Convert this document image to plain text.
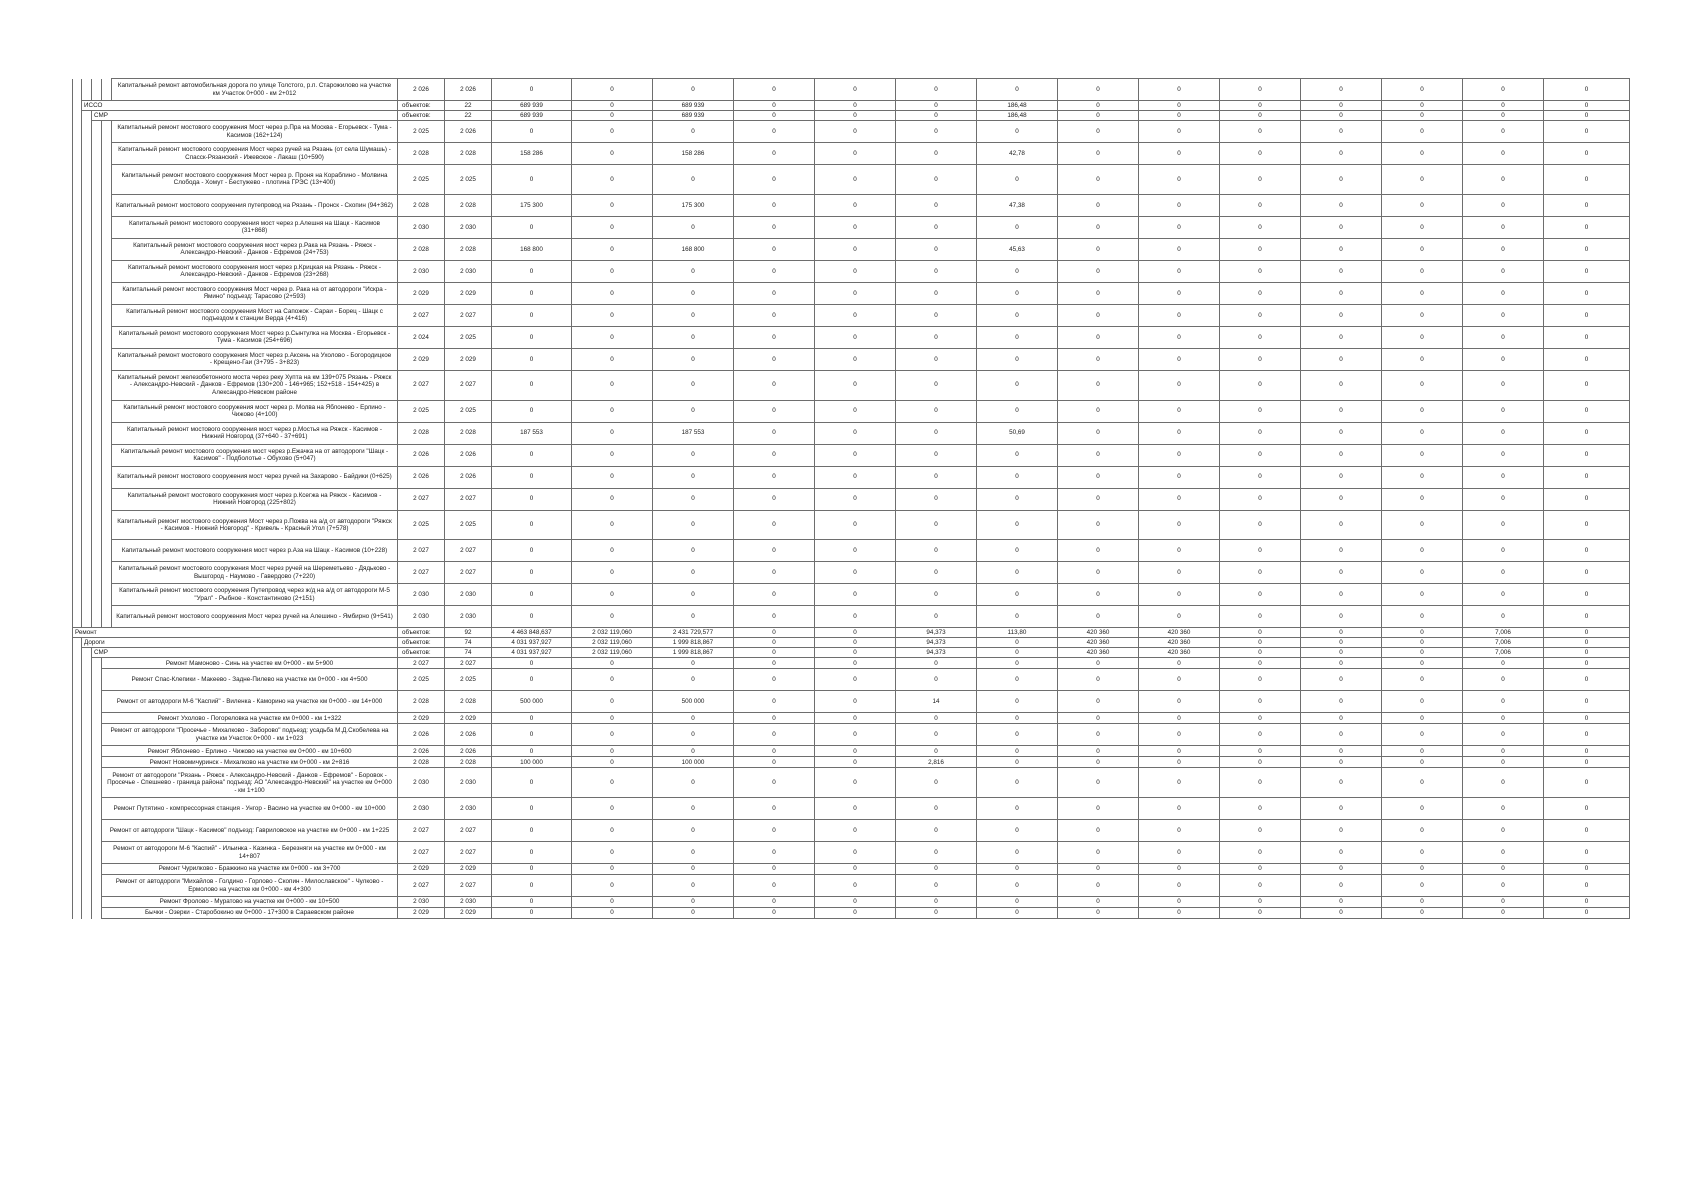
				Капитальный ремонт автомобильная дорога по улице Толстого, р.п. Старожилово на участке км Участок 0+000 - км 2+012	2 026	2 026	0	0	0	0	0	0	0	0	0	0	0	0	0	0
	ИССО				объектов:	22	689 939	0	689 939	0	0	0	186,48	0	0	0	0	0	0	0
		СМР			объектов:	22	689 939	0	689 939	0	0	0	186,48	0	0	0	0	0	0	0
				Капитальный ремонт мостового сооружения Мост через р.Пра на Москва - Егорьевск - Тума - Касимов (162+124)	2 025	2 026	0	0	0	0	0	0	0	0	0	0	0	0	0	0
				Капитальный ремонт мостового сооружения Мост через ручей на Рязань (от села Шумашь) - Спасск-Рязанский - Ижевское - Лакаш (10+590)	2 028	2 028	158 286	0	158 286	0	0	0	42,78	0	0	0	0	0	0	0
				Капитальный ремонт мостового сооружения Мост через р. Проня на Кораблино - Молвина Слобода - Хомут - Бестужево - плотина ГРЭС (13+400)	2 025	2 025	0	0	0	0	0	0	0	0	0	0	0	0	0	0
				Капитальный ремонт мостового сооружения путепровод на Рязань - Пронск - Скопин (94+362)	2 028	2 028	175 300	0	175 300	0	0	0	47,38	0	0	0	0	0	0	0
				Капитальный ремонт мостового сооружения мост через р.Алешня на Шацк - Касимов (31+868)	2 030	2 030	0	0	0	0	0	0	0	0	0	0	0	0	0	0
				Капитальный ремонт мостового сооружения мост через р.Рака на Рязань - Ряжск - Александро-Невский - Данков - Ефремов (24+753)	2 028	2 028	168 800	0	168 800	0	0	0	45,63	0	0	0	0	0	0	0
				Капитальный ремонт мостового сооружения мост через р.Крицкая на Рязань - Ряжск - Александро-Невский - Данков - Ефремов (23+268)	2 030	2 030	0	0	0	0	0	0	0	0	0	0	0	0	0	0
				Капитальный ремонт мостового сооружения Мост через р. Рака на от автодороги "Искра - Ямино" подъезд: Тарасово (2+593)	2 029	2 029	0	0	0	0	0	0	0	0	0	0	0	0	0	0
				Капитальный ремонт мостового сооружения Мост на Сапожок - Сараи - Борец - Шацк с подъездом к станции Верда (4+416)	2 027	2 027	0	0	0	0	0	0	0	0	0	0	0	0	0	0
				Капитальный ремонт мостового сооружения Мост через р.Сынтулка на Москва - Егорьевск - Тума - Касимов (254+696)	2 024	2 025	0	0	0	0	0	0	0	0	0	0	0	0	0	0
				Капитальный ремонт мостового сооружения Мост через р.Аксень на Ухолово - Богородицкое - Крещено-Гаи (3+795 - 3+823)	2 029	2 029	0	0	0	0	0	0	0	0	0	0	0	0	0	0
				Капитальный ремонт железобетонного моста через реку Хупта на км 139+075 Рязань - Ряжск - Александро-Невский - Данков - Ефремов (130+200 - 146+965; 152+518 - 154+425) в Александро-Невском районе	2 027	2 027	0	0	0	0	0	0	0	0	0	0	0	0	0	0
				Капитальный ремонт мостового сооружения мост через р. Молва на Яблонево - Ерлино - Чижово (4+100)	2 025	2 025	0	0	0	0	0	0	0	0	0	0	0	0	0	0
				Капитальный ремонт мостового сооружения мост через р.Мостья на Ряжск - Касимов - Нижний Новгород (37+640 - 37+691)	2 028	2 028	187 553	0	187 553	0	0	0	50,69	0	0	0	0	0	0	0
				Капитальный ремонт мостового сооружения мост через р.Ежачка на от автодороги "Шацк - Касимов" - Подболотье - Обухово (5+047)	2 026	2 026	0	0	0	0	0	0	0	0	0	0	0	0	0	0
				Капитальный ремонт мостового сооружения мост через ручей на Захарово - Байдики (0+625)	2 026	2 026	0	0	0	0	0	0	0	0	0	0	0	0	0	0
				Капитальный ремонт мостового сооружения мост через р.Ксегжа на Ряжск - Касимов - Нижний Новгород (225+802)	2 027	2 027	0	0	0	0	0	0	0	0	0	0	0	0	0	0
				Капитальный ремонт мостового сооружения Мост через р.Пожва на а/д от автодороги "Ряжск - Касимов - Нижний Новгород" - Кривель - Красный Угол (7+578)	2 025	2 025	0	0	0	0	0	0	0	0	0	0	0	0	0	0
				Капитальный ремонт мостового сооружения мост через р.Аза на Шацк - Касимов (10+228)	2 027	2 027	0	0	0	0	0	0	0	0	0	0	0	0	0	0
				Капитальный ремонт мостового сооружения Мост через ручей на Шереметьево - Дядьково - Вышгород - Наумово - Гавердово (7+220)	2 027	2 027	0	0	0	0	0	0	0	0	0	0	0	0	0	0
				Капитальный ремонт мостового сооружения Путепровод через ж/д на а/д от автодороги М-5 "Урал" - Рыбное - Константиново (2+151)	2 030	2 030	0	0	0	0	0	0	0	0	0	0	0	0	0	0
				Капитальный ремонт мостового сооружения Мост через ручей на Алешино - Ямбирно (9+541)	2 030	2 030	0	0	0	0	0	0	0	0	0	0	0	0	0	0
Ремонт					объектов:	92	4 463 848,637	2 032 119,060	2 431 729,577	0	0	94,373	113,80	420 360	420 360	0	0	0	7,006	0
	Дороги				объектов:	74	4 031 937,927	2 032 119,060	1 999 818,867	0	0	94,373	0	420 360	420 360	0	0	0	7,006	0
		СМР			объектов:	74	4 031 937,927	2 032 119,060	1 999 818,867	0	0	94,373	0	420 360	420 360	0	0	0	7,006	0
			Ремонт Мамоново - Синь на участке км 0+000 - км 5+900		2 027	2 027	0	0	0	0	0	0	0	0	0	0	0	0	0	0
			Ремонт Спас-Клепики - Макеево - Задне-Пилево на участке км 0+000 - км 4+500		2 025	2 025	0	0	0	0	0	0	0	0	0	0	0	0	0	0
			Ремонт от автодороги М-6 "Каспий" - Виленка - Каморино на участке км 0+000 - км 14+000		2 028	2 028	500 000	0	500 000	0	0	14	0	0	0	0	0	0	0	0
			Ремонт Ухолово - Погореловка на участке км 0+000 - км 1+322		2 029	2 029	0	0	0	0	0	0	0	0	0	0	0	0	0	0
			Ремонт от автодороги "Просечье - Михалково - Заборово" подъезд: усадьба М.Д.Скобелева на участке км Участок 0+000 - км 1+023		2 026	2 026	0	0	0	0	0	0	0	0	0	0	0	0	0	0
			Ремонт Яблонево - Ерлино - Чижово на участке км 0+000 - км 10+600		2 026	2 026	0	0	0	0	0	0	0	0	0	0	0	0	0	0
			Ремонт Новомичуринск - Михалково на участке км 0+000 - км 2+816		2 028	2 028	100 000	0	100 000	0	0	2,816	0	0	0	0	0	0	0	0
			Ремонт от автодороги "Рязань - Ряжск - Александро-Невский - Данков - Ефремов" - Боровок - Просечье - Спешнево - граница района" подъезд: АО "Александро-Невский" на участке км 0+000 - км 1+100		2 030	2 030	0	0	0	0	0	0	0	0	0	0	0	0	0	0
			Ремонт Путятино - компрессорная станция - Унгор - Васино на участке км 0+000 - км 10+000		2 030	2 030	0	0	0	0	0	0	0	0	0	0	0	0	0	0
			Ремонт от автодороги "Шацк - Касимов" подъезд: Гавриловское на участке км 0+000 - км 1+225		2 027	2 027	0	0	0	0	0	0	0	0	0	0	0	0	0	0
			Ремонт от автодороги М-6 "Каспий" - Ильинка - Казинка - Березняги на участке км 0+000 - км 14+807		2 027	2 027	0	0	0	0	0	0	0	0	0	0	0	0	0	0
			Ремонт Чурилково - Бражкино на участке км 0+000 - км 3+700		2 029	2 029	0	0	0	0	0	0	0	0	0	0	0	0	0	0
			Ремонт от автодороги "Михайлов - Голдино - Горлово - Скопин - Милославское" - Чулково - Ермолово на участке км 0+000 - км 4+300		2 027	2 027	0	0	0	0	0	0	0	0	0	0	0	0	0	0
			Ремонт Фролово - Муратово на участке км 0+000 - км 10+500		2 030	2 030	0	0	0	0	0	0	0	0	0	0	0	0	0	0
			Бычки - Озерки - Старобокино км 0+000 - 17+300 в Сараевском районе		2 029	2 029	0	0	0	0	0	0	0	0	0	0	0	0	0	0
